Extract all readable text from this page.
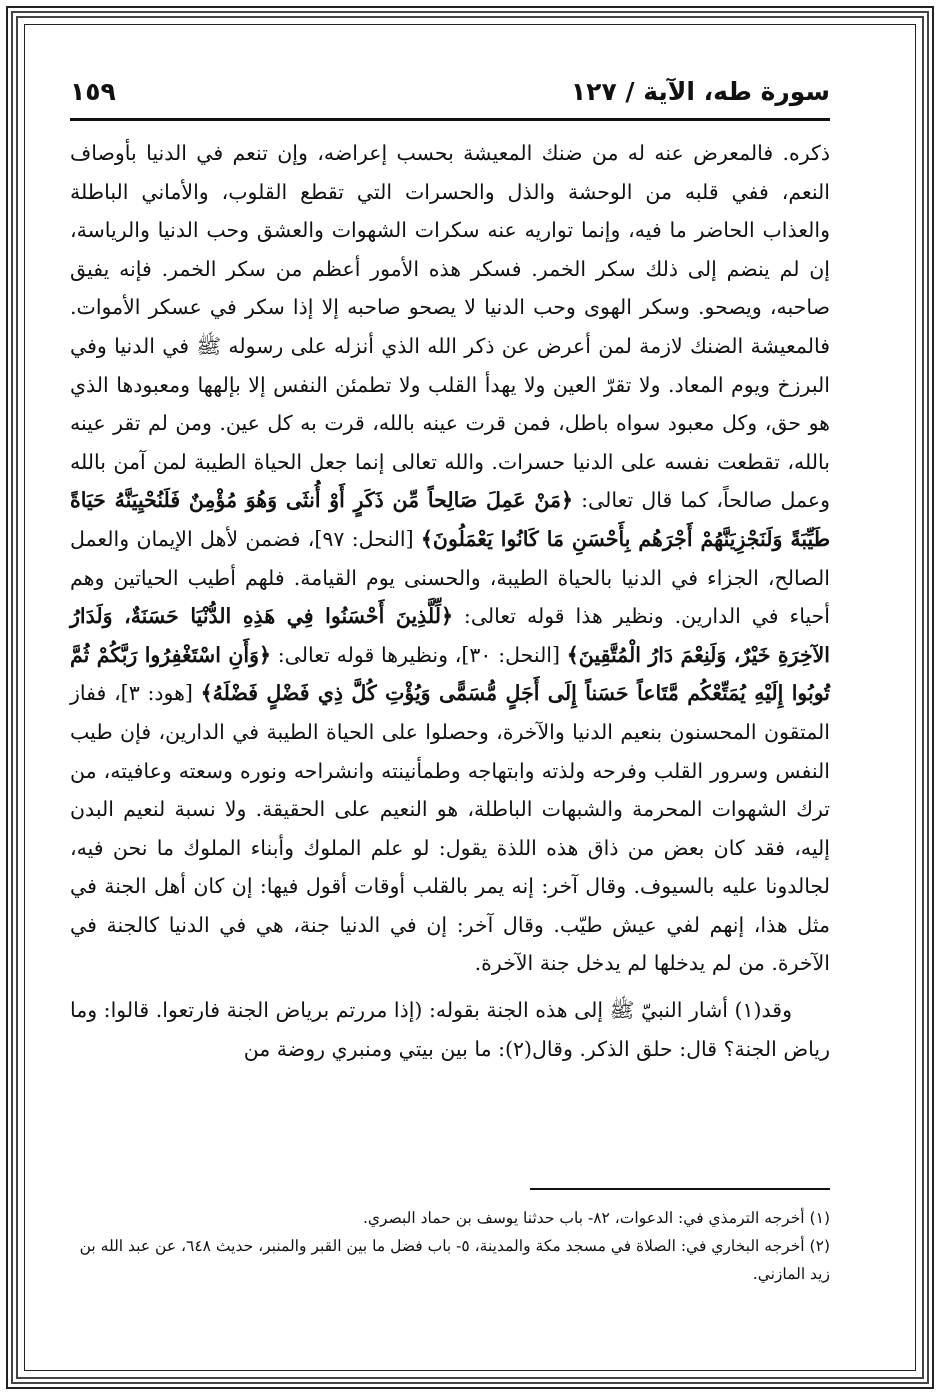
سورة طه، الآية / ١٢٧
١٥٩

ذكره. فالمعرض عنه له من ضنك المعيشة بحسب إعراضه، وإن تنعم في الدنيا بأوصاف النعم، ففي قلبه من الوحشة والذل والحسرات التي تقطع القلوب، والأماني الباطلة والعذاب الحاضر ما فيه، وإنما تواريه عنه سكرات الشهوات والعشق وحب الدنيا والرياسة، إن لم ينضم إلى ذلك سكر الخمر. فسكر هذه الأمور أعظم من سكر الخمر. فإنه يفيق صاحبه، ويصحو. وسكر الهوى وحب الدنيا لا يصحو صاحبه إلا إذا سكر في عسكر الأموات. فالمعيشة الضنك لازمة لمن أعرض عن ذكر الله الذي أنزله على رسوله ﷺ في الدنيا وفي البرزخ ويوم المعاد. ولا تقرّ العين ولا يهدأ القلب ولا تطمئن النفس إلا بإلهها ومعبودها الذي هو حق، وكل معبود سواه باطل، فمن قرت عينه بالله، قرت به كل عين. ومن لم تقر عينه بالله، تقطعت نفسه على الدنيا حسرات. والله تعالى إنما جعل الحياة الطيبة لمن آمن بالله وعمل صالحاً، كما قال تعالى: ﴿مَنْ عَمِلَ صَالِحاً مِّن ذَكَرٍ أَوْ أُنثَى وَهُوَ مُؤْمِنٌ فَلَنُحْيِيَنَّهُ حَيَاةً طَيِّبَةً وَلَنَجْزِيَنَّهُمْ أَجْرَهُم بِأَحْسَنِ مَا كَانُوا يَعْمَلُونَ﴾ [النحل: ٩٧]، فضمن لأهل الإيمان والعمل الصالح، الجزاء في الدنيا بالحياة الطيبة، والحسنى يوم القيامة. فلهم أطيب الحياتين وهم أحياء في الدارين. ونظير هذا قوله تعالى: ﴿لِّلَّذِينَ أَحْسَنُوا فِي هَذِهِ الدُّنْيَا حَسَنَةٌ، وَلَدَارُ الآخِرَةِ خَيْرٌ، وَلَنِعْمَ دَارُ الْمُتَّقِينَ﴾ [النحل: ٣٠]، ونظيرها قوله تعالى: ﴿وَأَنِ اسْتَغْفِرُوا رَبَّكُمْ ثُمَّ تُوبُوا إِلَيْهِ يُمَتِّعْكُم مَّتَاعاً حَسَناً إِلَى أَجَلٍ مُّسَمًّى وَيُؤْتِ كُلَّ ذِي فَضْلٍ فَضْلَهُ﴾ [هود: ٣]، ففاز المتقون المحسنون بنعيم الدنيا والآخرة، وحصلوا على الحياة الطيبة في الدارين، فإن طيب النفس وسرور القلب وفرحه ولذته وابتهاجه وطمأنينته وانشراحه ونوره وسعته وعافيته، من ترك الشهوات المحرمة والشبهات الباطلة، هو النعيم على الحقيقة. ولا نسبة لنعيم البدن إليه، فقد كان بعض من ذاق هذه اللذة يقول: لو علم الملوك وأبناء الملوك ما نحن فيه، لجالدونا عليه بالسيوف. وقال آخر: إنه يمر بالقلب أوقات أقول فيها: إن كان أهل الجنة في مثل هذا، إنهم لفي عيش طيّب. وقال آخر: إن في الدنيا جنة، هي في الدنيا كالجنة في الآخرة. من لم يدخلها لم يدخل جنة الآخرة.

وقد(١) أشار النبيّ ﷺ إلى هذه الجنة بقوله: (إذا مررتم برياض الجنة فارتعوا. قالوا: وما رياض الجنة؟ قال: حلق الذكر. وقال(٢): ما بين بيتي ومنبري روضة من

(١) أخرجه الترمذي في: الدعوات، ٨٢- باب حدثنا يوسف بن حماد البصري.

(٢) أخرجه البخاري في: الصلاة في مسجد مكة والمدينة، ٥- باب فضل ما بين القبر والمنبر، حديث ٦٤٨، عن عبد الله بن زيد المازني.
